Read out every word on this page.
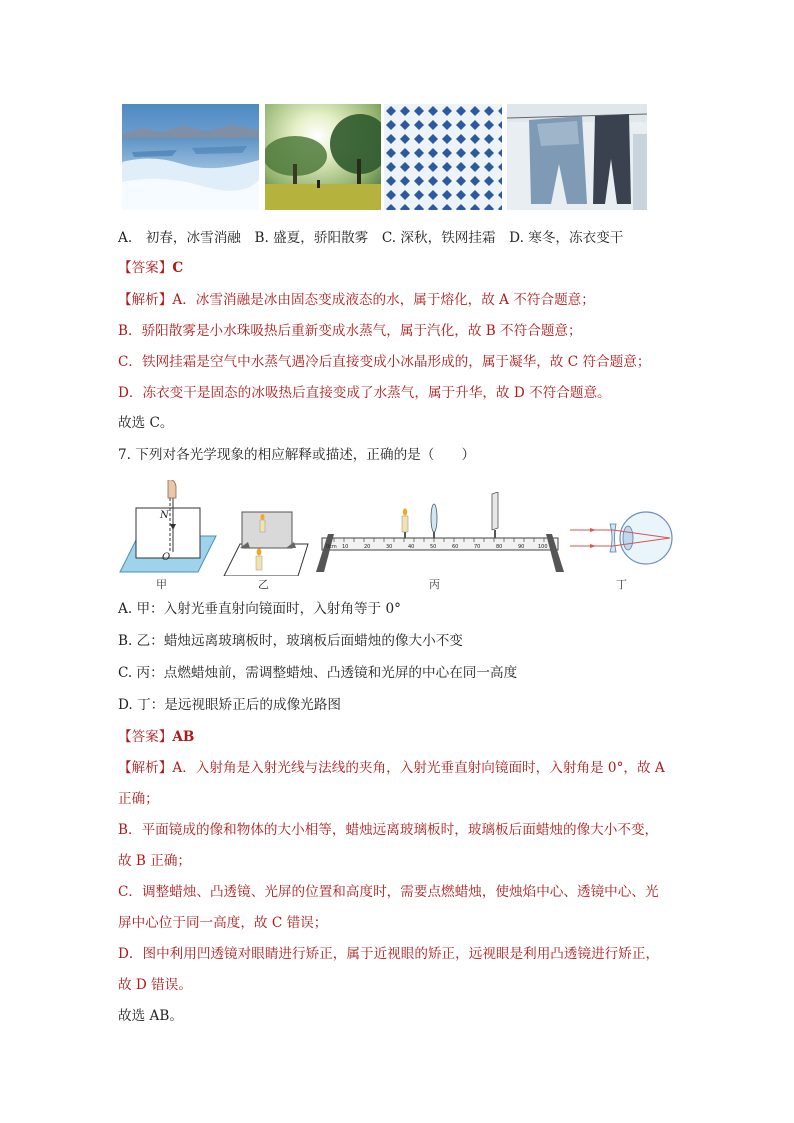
A.　初春，冰雪消融　B. 盛夏，骄阳散雾　C. 深秋，铁网挂霜　D. 寒冬，冻衣变干
【答案】C
【解析】A．冰雪消融是冰由固态变成液态的水，属于熔化，故 A 不符合题意；
B．骄阳散雾是小水珠吸热后重新变成水蒸气，属于汽化，故 B 不符合题意；
C．铁网挂霜是空气中水蒸气遇冷后直接变成小冰晶形成的，属于凝华，故 C 符合题意；
D．冻衣变干是固态的冰吸热后直接变成了水蒸气，属于升华，故 D 不符合题意。
故选 C。
7. 下列对各光学现象的相应解释或描述，正确的是（　　）
N
O
甲	乙
0cm 10	20	30	40	50	60	70	80	90	100
丙	丁
A. 甲：入射光垂直射向镜面时，入射角等于 0°
B. 乙：蜡烛远离玻璃板时，玻璃板后面蜡烛的像大小不变
C. 丙：点燃蜡烛前，需调整蜡烛、凸透镜和光屏的中心在同一高度
D. 丁：是远视眼矫正后的成像光路图
【答案】AB
【解析】A．入射角是入射光线与法线的夹角，入射光垂直射向镜面时，入射角是 0°，故 A
正确；
B．平面镜成的像和物体的大小相等，蜡烛远离玻璃板时，玻璃板后面蜡烛的像大小不变，
故 B 正确；
C．调整蜡烛、凸透镜、光屏的位置和高度时，需要点燃蜡烛，使烛焰中心、透镜中心、光
屏中心位于同一高度，故 C 错误；
D．图中利用凹透镜对眼睛进行矫正，属于近视眼的矫正，远视眼是利用凸透镜进行矫正，
故 D 错误。
故选 AB。
